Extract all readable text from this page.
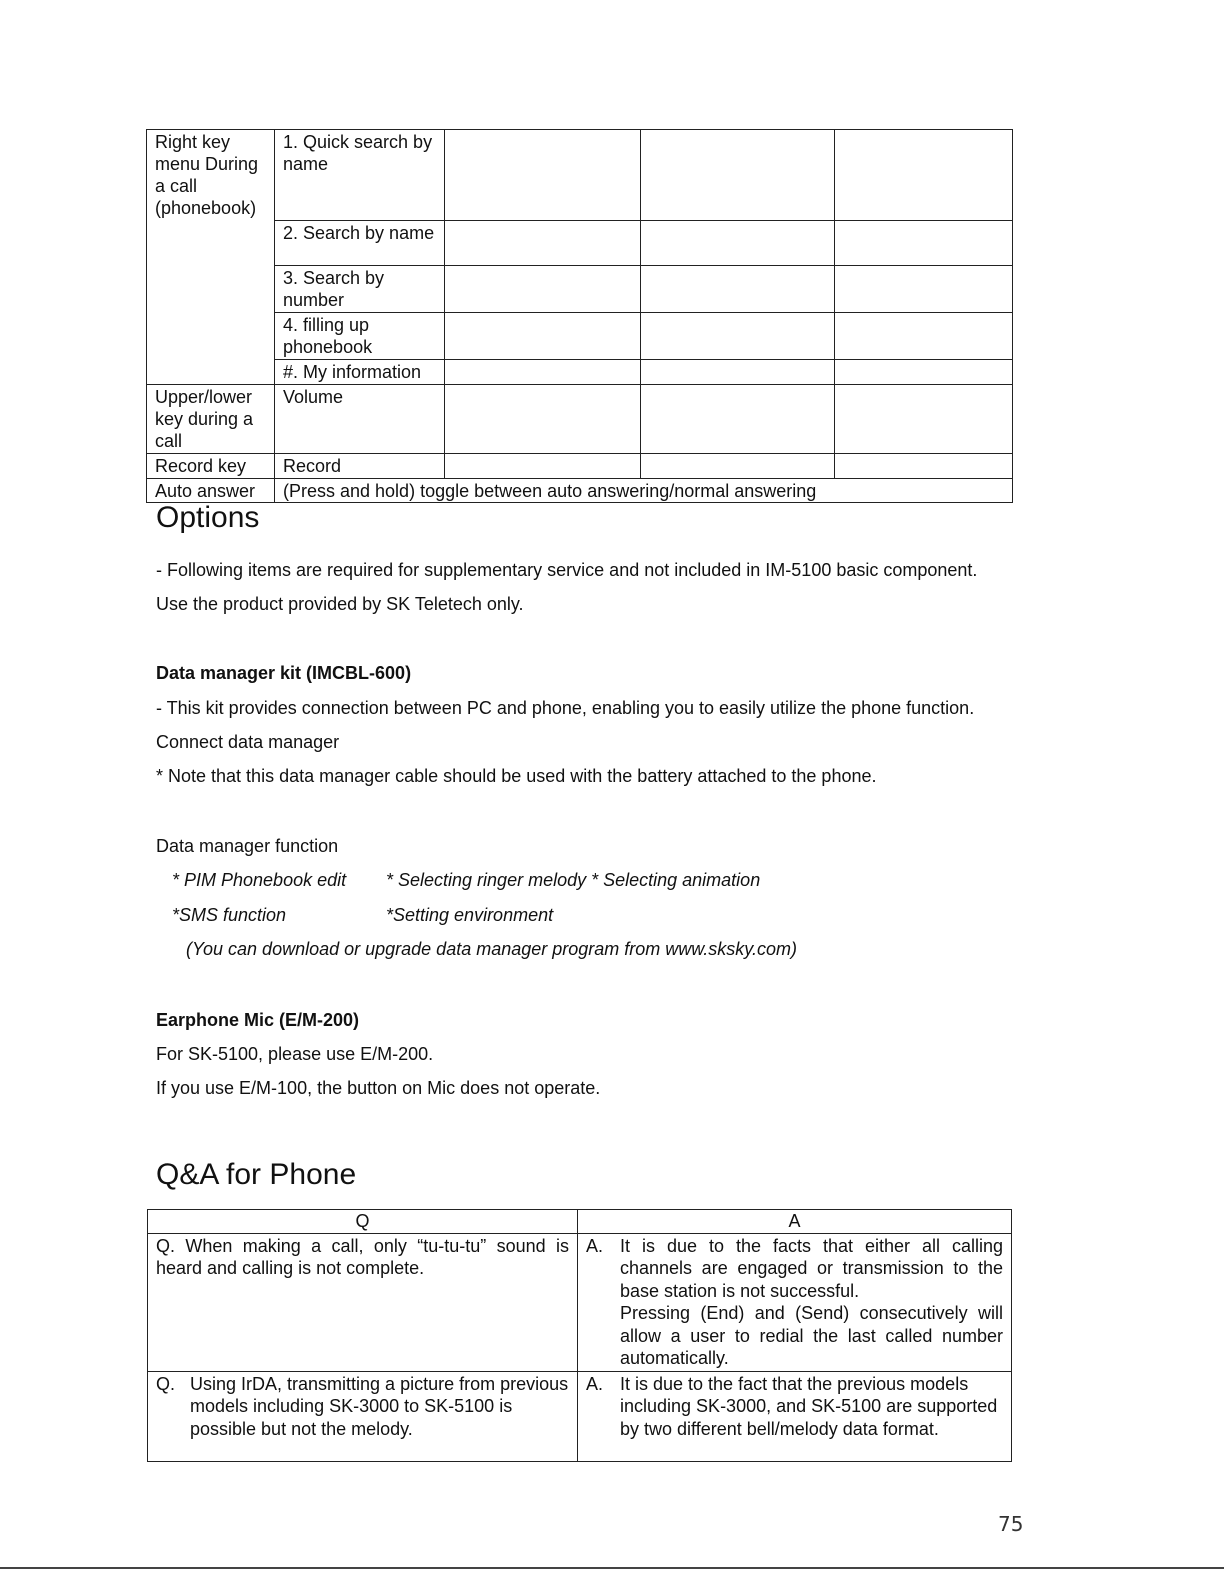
Right key menu During a call (phonebook)	1. Quick search by name			
	2. Search by name			
	3. Search by number			
	4. filling up phonebook			
	#. My information			
Upper/lower key during a call	Volume			
Record key	Record			
Auto answer	(Press and hold) toggle between auto answering/normal answering			
Options

- Following items are required for supplementary service and not included in IM-5100 basic component.

Use the product provided by SK Teletech only.

Data manager kit (IMCBL-600)

- This kit provides connection between PC and phone, enabling you to easily utilize the phone function.

Connect data manager

* Note that this data manager cable should be used with the battery attached to the phone.

Data manager function

* PIM Phonebook edit * Selecting ringer melody * Selecting animation
*SMS function	*Setting environment
(You can download or upgrade data manager program from www.sksky.com)
Earphone Mic (E/M-200)

For SK-5100, please use E/M-200.

If you use E/M-100, the button on Mic does not operate.

Q&A for Phone
Q	A
Q. When making a call, only “tu-tu-tu” sound is heard and calling is not complete.	A. It is due to the facts that either all calling channels are engaged or transmission to the base station is not successful.
Pressing (End) and (Send) consecutively will allow a user to redial the last called number automatically.

Q. Using IrDA, transmitting a picture from previous models including SK-3000 to SK-5100 is possible but not the melody.	A. It is due to the fact that the previous models including SK-3000, and SK-5100 are supported by two different bell/melody data format.
75
